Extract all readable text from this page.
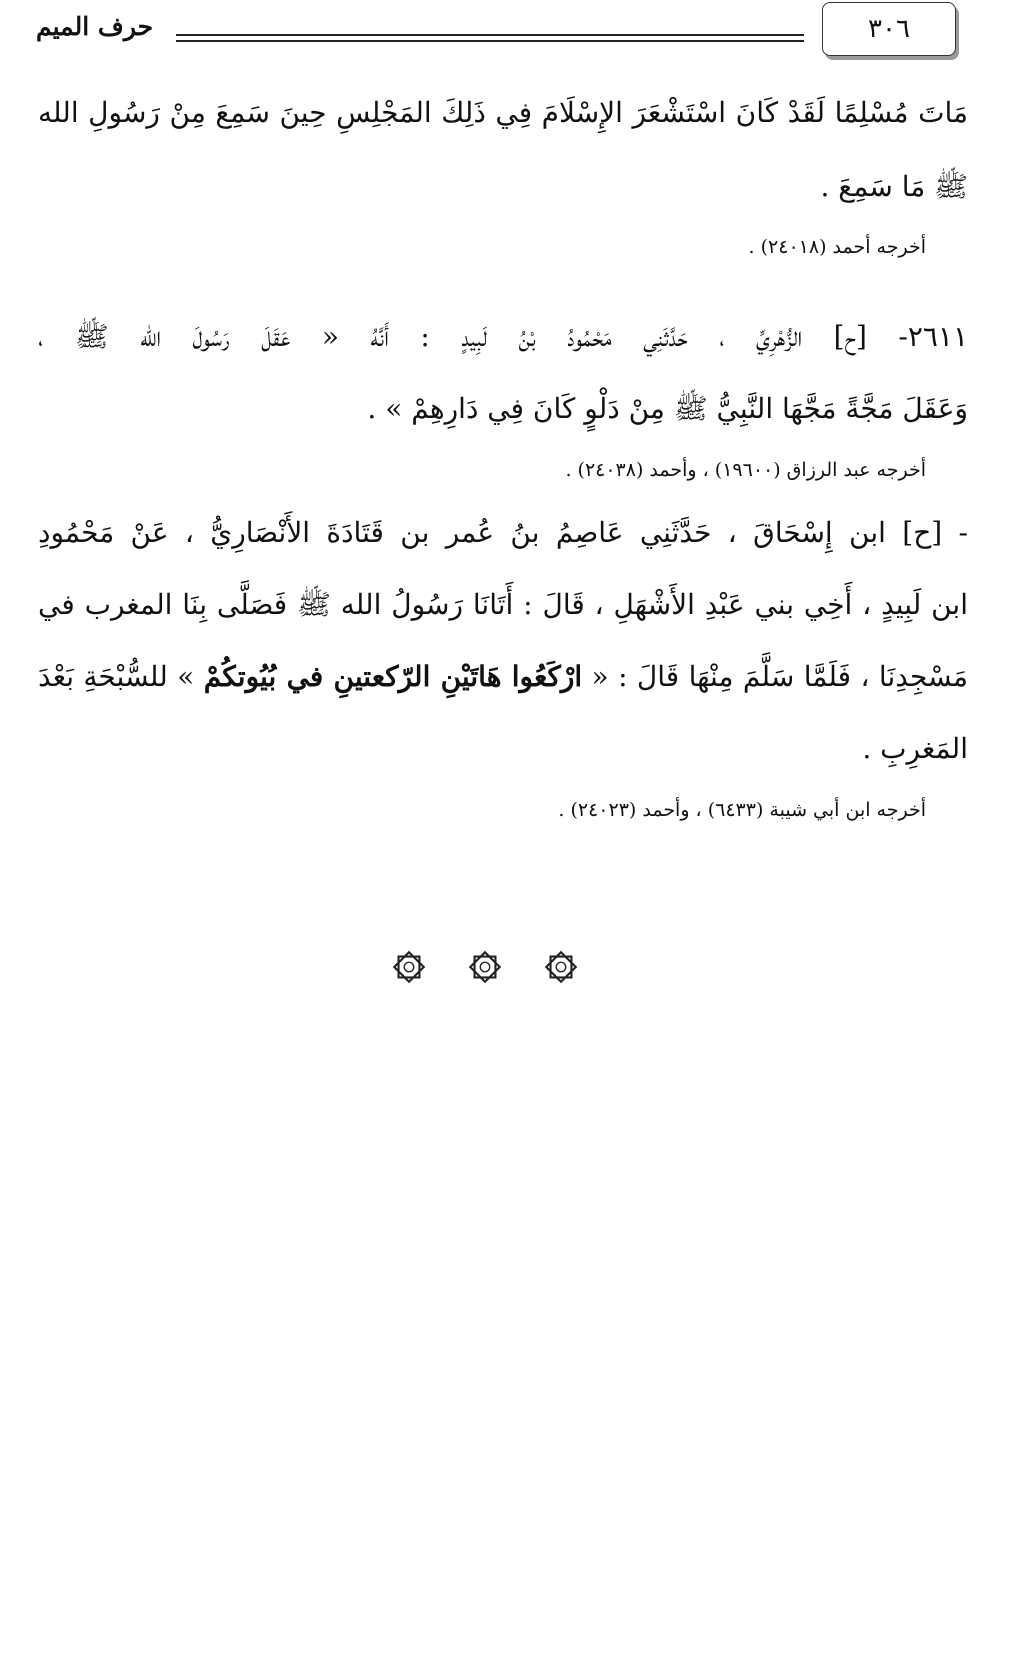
٣٠٦
حرف الميم
مَاتَ مُسْلِمًا لَقَدْ كَانَ اسْتَشْعَرَ الإِسْلَامَ فِي ذَلِكَ المَجْلِسِ حِينَ سَمِعَ مِنْ رَسُولِ الله
ﷺ مَا سَمِعَ .
أخرجه أحمد (٢٤٠١٨) .
٢٦١١- [ح] الزُّهْرِيِّ ، حَدَّثَنِي مَحْمُودُ بْنُ لَبِيدٍ : أَنَّهُ « عَقَلَ رَسُولَ الله ﷺ ،
وَعَقَلَ مَجَّةً مَجَّهَا النَّبِيُّ ﷺ مِنْ دَلْوٍ كَانَ فِي دَارِهِمْ » .
أخرجه عبد الرزاق (١٩٦٠٠) ، وأحمد (٢٤٠٣٨) .
- [ح] ابن إِسْحَاقَ ، حَدَّثَنِي عَاصِمُ بنُ عُمر بن قَتَادَةَ الأَنْصَارِيُّ ، عَنْ مَحْمُودِ
ابن لَبِيدٍ ، أَخِي بني عَبْدِ الأَشْهَلِ ، قَالَ : أَتَانَا رَسُولُ الله ﷺ فَصَلَّى بِنَا المغرب في
مَسْجِدِنَا ، فَلَمَّا سَلَّمَ مِنْهَا قَالَ : « ارْكَعُوا هَاتَيْنِ الرّكعتينِ في بُيُوتكُمْ » للسُّبْحَةِ بَعْدَ
المَغرِبِ .
أخرجه ابن أبي شيبة (٦٤٣٣) ، وأحمد (٢٤٠٢٣) .
